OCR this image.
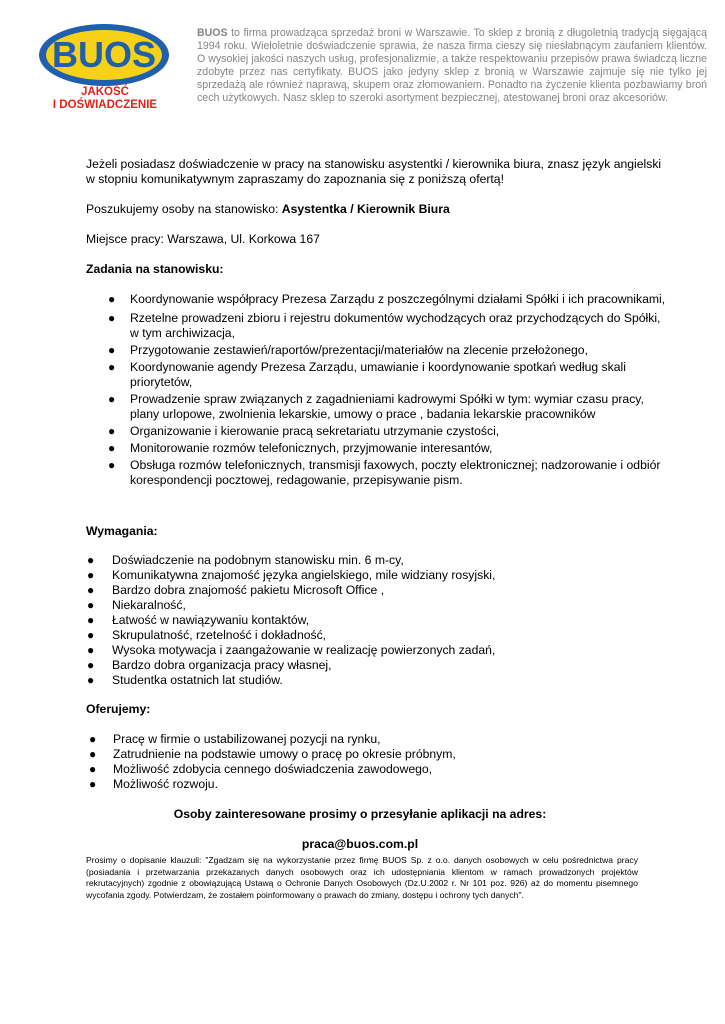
BUOS
JAKOŚĆ
I DOŚWIADCZENIE
BUOS to firma prowadząca sprzedaż broni w Warszawie. To sklep z bronią z długoletnią tradycją sięgającą 1994 roku. Wieloletnie doświadczenie sprawia, że nasza firma cieszy się niesłabnącym zaufaniem klientów. O wysokiej jakości naszych usług, profesjonalizmie, a także respektowaniu przepisów prawa świadczą liczne zdobyte przez nas certyfikaty. BUOS jako jedyny sklep z bronią w Warszawie zajmuje się nie tylko jej sprzedażą ale również naprawą, skupem oraz złomowaniem. Ponadto na życzenie klienta pozbawiamy broń cech użytkowych. Nasz sklep to szeroki asortyment bezpiecznej, atestowanej broni oraz akcesoriów.

Jeżeli posiadasz doświadczenie w pracy na stanowisku asystentki / kierownika biura, znasz język angielski w stopniu komunikatywnym zapraszamy do zapoznania się z poniższą ofertą!

Poszukujemy osoby na stanowisko: Asystentka / Kierownik Biura

Miejsce pracy: Warszawa, Ul. Korkowa 167

Zadania na stanowisku:

● Koordynowanie współpracy Prezesa Zarządu z poszczególnymi działami Spółki i ich pracownikami,
● Rzetelne prowadzeni zbioru i rejestru dokumentów wychodzących oraz przychodzących do Spółki, w tym archiwizacja,
● Przygotowanie zestawień/raportów/prezentacji/materiałów na zlecenie przełożonego,
● Koordynowanie agendy Prezesa Zarządu, umawianie i koordynowanie spotkań według skali priorytetów,
● Prowadzenie spraw związanych z zagadnieniami kadrowymi Spółki w tym: wymiar czasu pracy, plany urlopowe, zwolnienia lekarskie, umowy o prace , badania lekarskie pracowników
● Organizowanie i kierowanie pracą sekretariatu utrzymanie czystości,
● Monitorowanie rozmów telefonicznych, przyjmowanie interesantów,
● Obsługa rozmów telefonicznych, transmisji faxowych, poczty elektronicznej; nadzorowanie i odbiór korespondencji pocztowej, redagowanie, przepisywanie pism.

Wymagania:

● Doświadczenie na podobnym stanowisku min. 6 m-cy,
● Komunikatywna znajomość języka angielskiego, mile widziany rosyjski,
● Bardzo dobra znajomość pakietu Microsoft Office ,
● Niekaralność,
● Łatwość w nawiązywaniu kontaktów,
● Skrupulatność, rzetelność i dokładność,
● Wysoka motywacja i zaangażowanie w realizację powierzonych zadań,
● Bardzo dobra organizacja pracy własnej,
● Studentka ostatnich lat studiów.

Oferujemy:

● Pracę w firmie o ustabilizowanej pozycji na rynku,
● Zatrudnienie na podstawie umowy o pracę po okresie próbnym,
● Możliwość zdobycia cennego doświadczenia zawodowego,
● Możliwość rozwoju.

Osoby zainteresowane prosimy o przesyłanie aplikacji na adres:

praca@buos.com.pl

Prosimy o dopisanie klauzuli: "Zgadzam się na wykorzystanie przez firmę BUOS Sp. z o.o. danych osobowych w celu pośrednictwa pracy (posiadania i przetwarzania przekazanych danych osobowych oraz ich udostępniania klientom w ramach prowadzonych projektów rekrutacyjnych) zgodnie z obowiązującą Ustawą o Ochronie Danych Osobowych (Dz.U.2002 r. Nr 101 poz. 926) aż do momentu pisemnego wycofania zgody. Potwierdzam, że zostałem poinformowany o prawach do zmiany, dostępu i ochrony tych danych".
